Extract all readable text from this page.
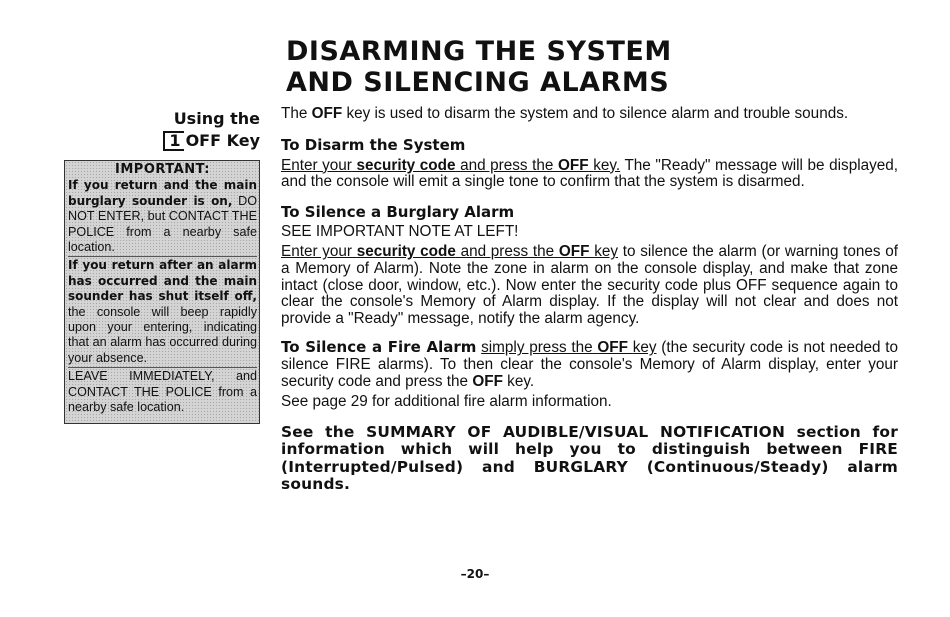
DISARMING THE SYSTEM
AND SILENCING ALARMS
Using the
1 OFF Key
IMPORTANT:

If you return and the main burglary sounder is on, DO NOT ENTER, but CONTACT THE POLICE from a nearby safe location.

If you return after an alarm has occurred and the main sounder has shut itself off, the console will beep rapidly upon your entering, indicating that an alarm has occurred during your absence.

LEAVE IMMEDIATELY, and CONTACT THE POLICE from a nearby safe location.

The OFF key is used to disarm the system and to silence alarm and trouble sounds.

To Disarm the System

Enter your security code and press the OFF key. The "Ready" message will be displayed, and the console will emit a single tone to confirm that the system is disarmed.

To Silence a Burglary Alarm

SEE IMPORTANT NOTE AT LEFT!

Enter your security code and press the OFF key to silence the alarm (or warning tones of a Memory of Alarm). Note the zone in alarm on the console display, and make that zone intact (close door, window, etc.). Now enter the security code plus OFF sequence again to clear the console's Memory of Alarm display. If the display will not clear and does not provide a "Ready" message, notify the alarm agency.

To Silence a Fire Alarm simply press the OFF key (the security code is not needed to silence FIRE alarms). To then clear the console's Memory of Alarm display, enter your security code and press the OFF key.

See page 29 for additional fire alarm information.

See the SUMMARY OF AUDIBLE/VISUAL NOTIFICATION section for information which will help you to distinguish between FIRE (Interrupted/Pulsed) and BURGLARY (Continuous/Steady) alarm sounds.

–20–
